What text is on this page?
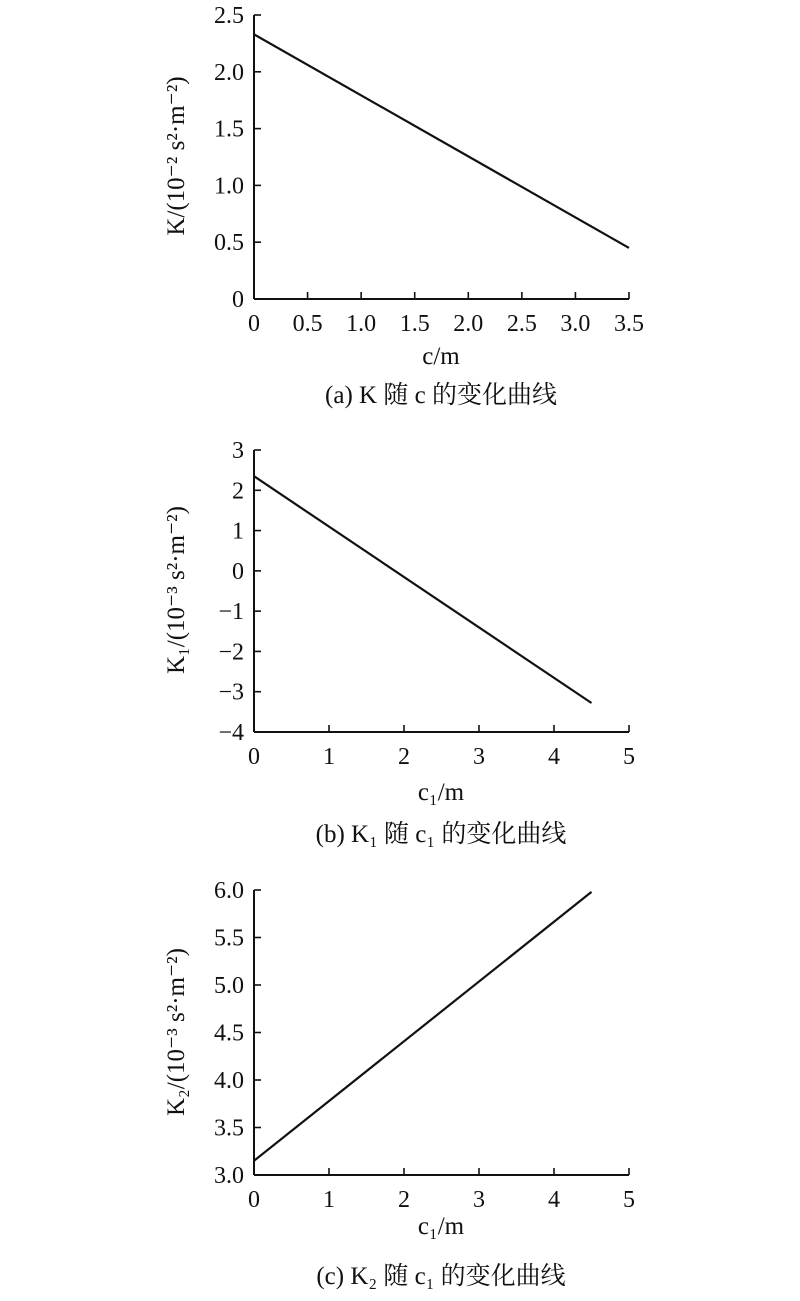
K/(10⁻² s²·m⁻²)
c/m
(a) K 随 c 的变化曲线
0 0.5 1.0 1.5 2.0 2.5 3.0 3.5
0
0.5
1.0
1.5
2.0
2.5
K₁/(10⁻³ s²·m⁻²)
c₁/m
(b) K₁ 随 c₁ 的变化曲线
0	1	2	3	4	5
−4
−3
−2
−1
0
1
2
3
K₂/(10⁻³ s²·m⁻²)
c₁/m
(c) K₂ 随 c₁ 的变化曲线
0	1	2	3	4	5
3.0
3.5
4.0
4.5
5.0
5.5
6.0
